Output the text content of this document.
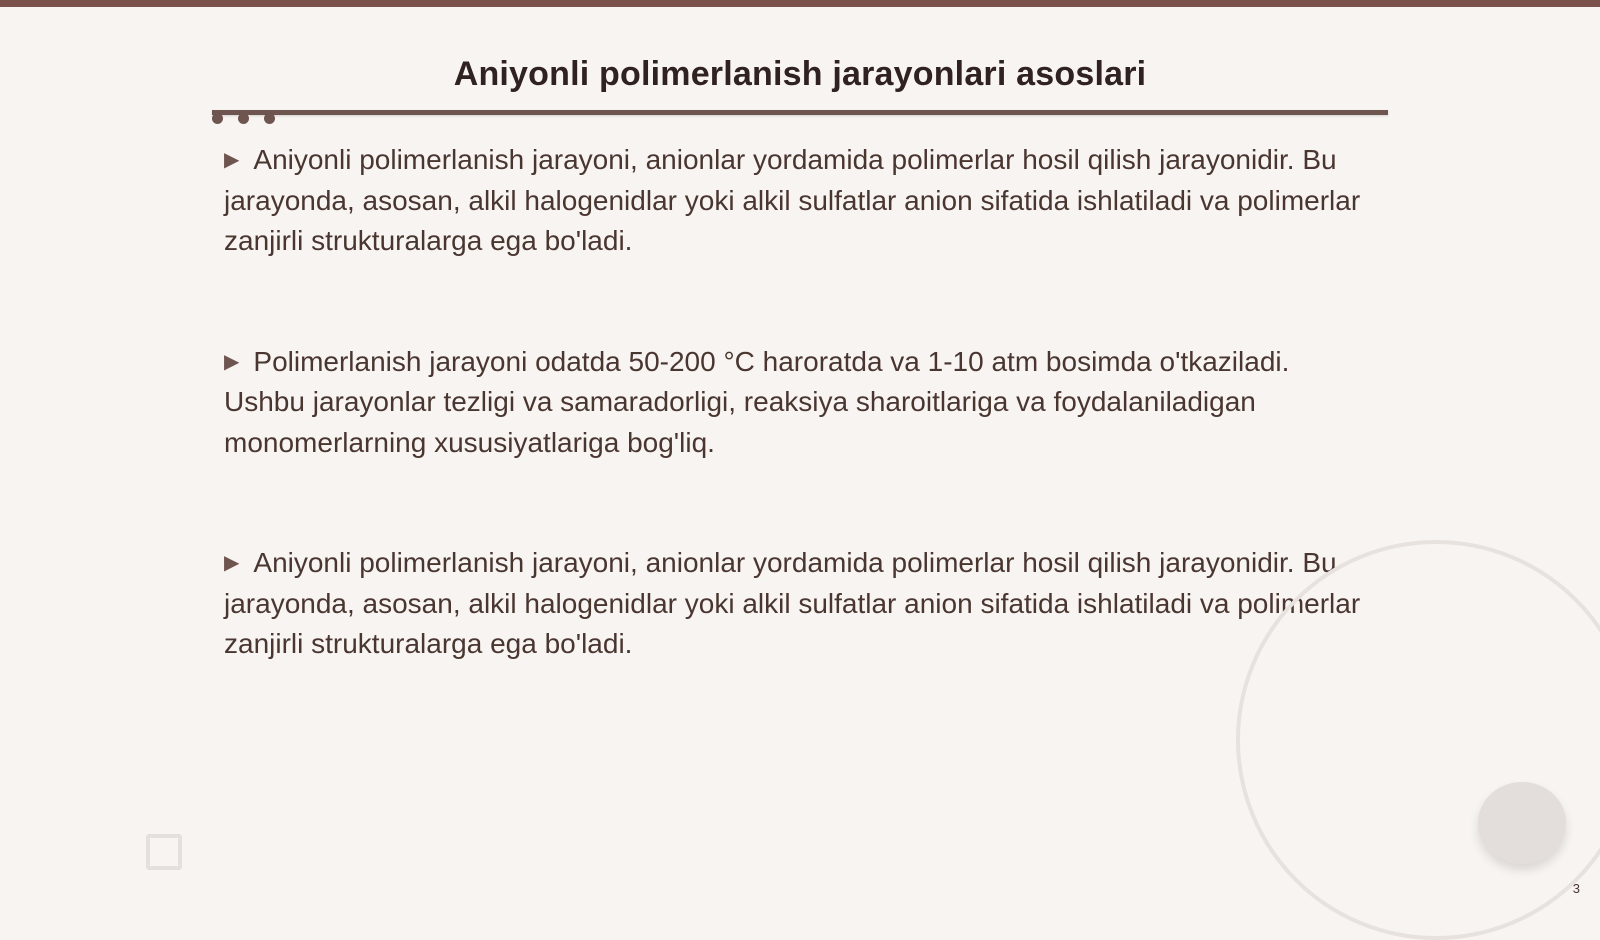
Aniyonli polimerlanish jarayonlari asoslari

▶ Aniyonli polimerlanish jarayoni, anionlar yordamida polimerlar hosil qilish jarayonidir. Bu jarayonda, asosan, alkil halogenidlar yoki alkil sulfatlar anion sifatida ishlatiladi va polimerlar zanjirli strukturalarga ega bo'ladi.

▶ Polimerlanish jarayoni odatda 50-200 °C haroratda va 1-10 atm bosimda o'tkaziladi. Ushbu jarayonlar tezligi va samaradorligi, reaksiya sharoitlariga va foydalaniladigan monomerlarning xususiyatlariga bog'liq.

▶ Aniyonli polimerlanish jarayoni, anionlar yordamida polimerlar hosil qilish jarayonidir. Bu jarayonda, asosan, alkil halogenidlar yoki alkil sulfatlar anion sifatida ishlatiladi va polimerlar zanjirli strukturalarga ega bo'ladi.

3
